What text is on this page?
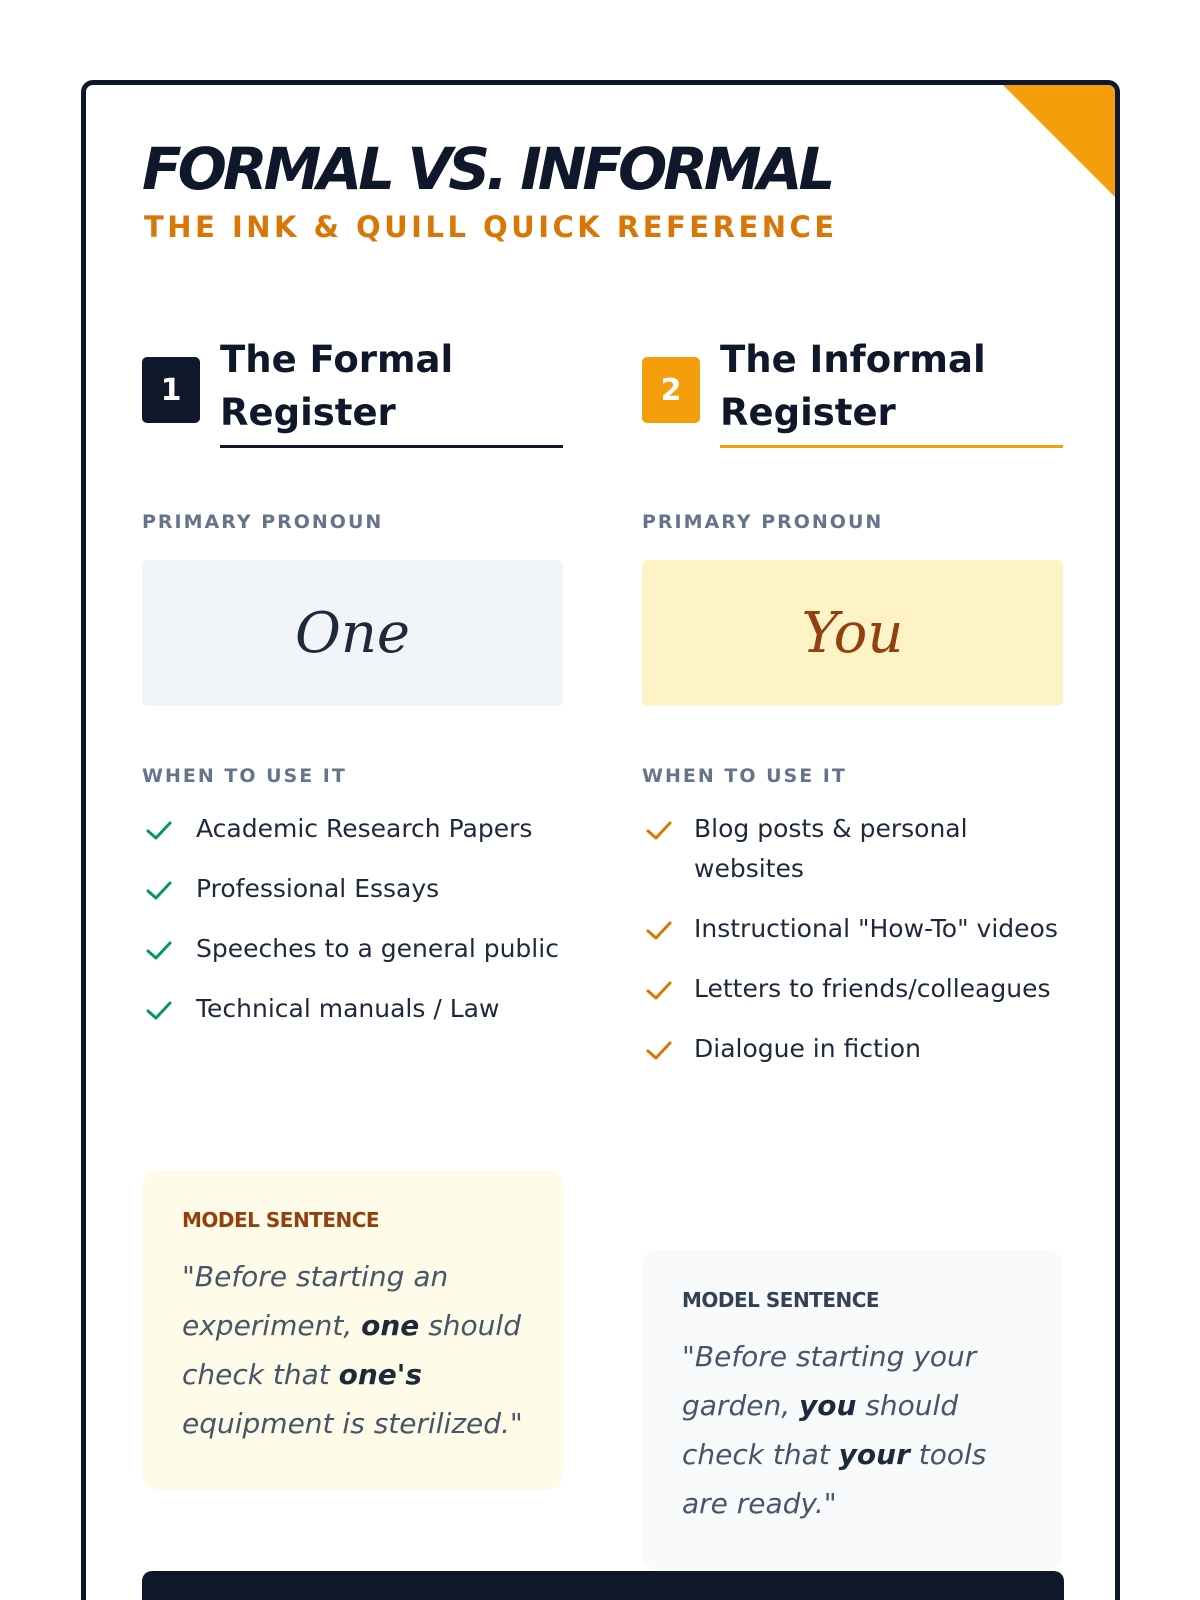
FORMAL VS. INFORMAL
THE INK & QUILL QUICK REFERENCE
1
The Formal Register
PRIMARY PRONOUN
One
WHEN TO USE IT
Academic Research Papers
Professional Essays
Speeches to a general public
Technical manuals / Law
MODEL SENTENCE

"Before starting an experiment, one should check that one's equipment is sterilized."

2
The Informal Register
PRIMARY PRONOUN
You
WHEN TO USE IT
Blog posts & personal websites
Instructional "How-To" videos
Letters to friends/colleagues
Dialogue in fiction
MODEL SENTENCE

"Before starting your garden, you should check that your tools are ready."
